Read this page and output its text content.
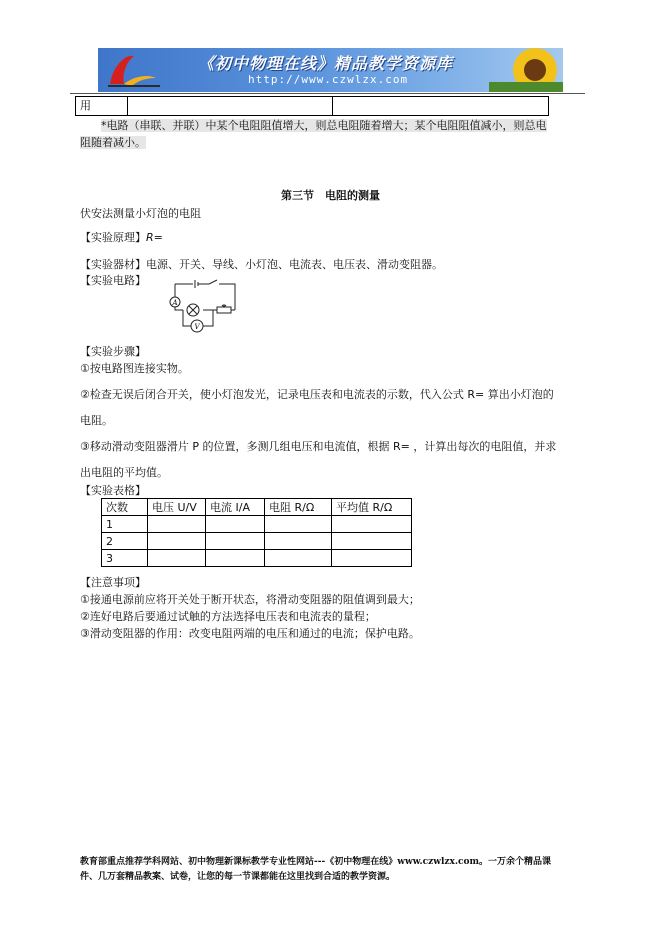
《初中物理在线》精品教学资源库
http://www.czwlzx.com
用
*电路（串联、并联）中某个电阻阻值增大，则总电阻随着增大；某个电阻阻值减小，则总电
阻随着减小。
第三节　电阻的测量
伏安法测量小灯泡的电阻
【实验原理】R=
【实验器材】电源、开关、导线、小灯泡、电流表、电压表、滑动变阻器。
【实验电路】
A
V
【实验步骤】
①按电路图连接实物。
②检查无误后闭合开关，使小灯泡发光，记录电压表和电流表的示数，代入公式 R= 算出小灯泡的
电阻。
③移动滑动变阻器滑片 P 的位置，多测几组电压和电流值，根据 R= ，计算出每次的电阻值，并求
出电阻的平均值。
【实验表格】
次数	电压 U/V	电流 I/A	电阻 R/Ω	平均值 R/Ω
1				
2				
3				
【注意事项】
①接通电源前应将开关处于断开状态，将滑动变阻器的阻值调到最大；
②连好电路后要通过试触的方法选择电压表和电流表的量程；
③滑动变阻器的作用：改变电阻两端的电压和通过的电流；保护电路。
教育部重点推荐学科网站、初中物理新课标教学专业性网站---《初中物理在线》www.czwlzx.com。一万余个精品课
件、几万套精品教案、试卷，让您的每一节课都能在这里找到合适的教学资源。
